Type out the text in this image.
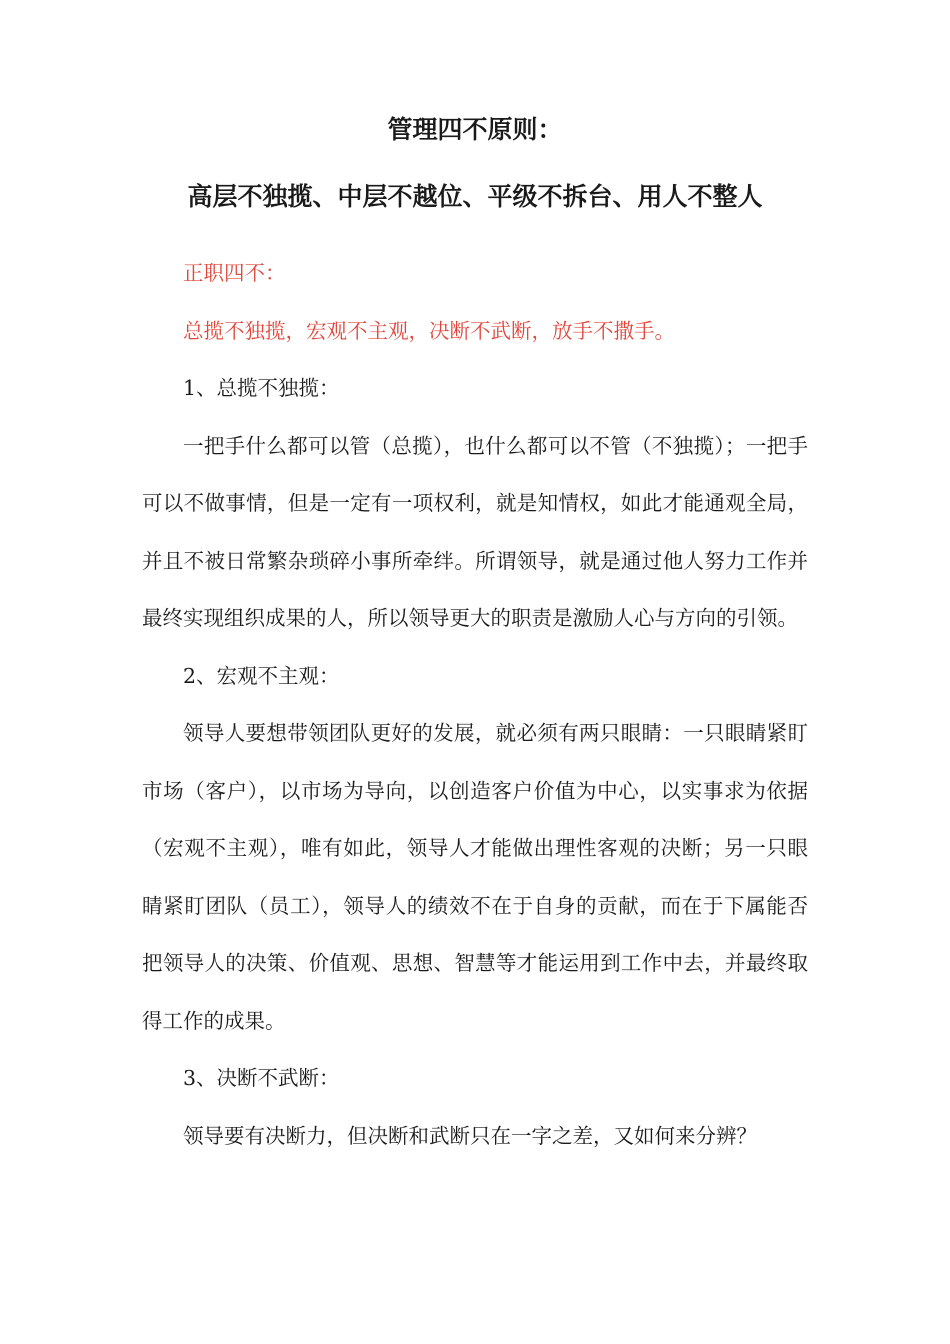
管理四不原则：
高层不独揽、中层不越位、平级不拆台、用人不整人

正职四不：

总揽不独揽，宏观不主观，决断不武断，放手不撒手。

1、总揽不独揽：

一把手什么都可以管（总揽），也什么都可以不管（不独揽）；一把手可以不做事情，但是一定有一项权利，就是知情权，如此才能通观全局，并且不被日常繁杂琐碎小事所牵绊。所谓领导，就是通过他人努力工作并最终实现组织成果的人，所以领导更大的职责是激励人心与方向的引领。

2、宏观不主观：

领导人要想带领团队更好的发展，就必须有两只眼睛：一只眼睛紧盯市场（客户），以市场为导向，以创造客户价值为中心，以实事求为依据（宏观不主观），唯有如此，领导人才能做出理性客观的决断；另一只眼睛紧盯团队（员工），领导人的绩效不在于自身的贡献，而在于下属能否把领导人的决策、价值观、思想、智慧等才能运用到工作中去，并最终取得工作的成果。

3、决断不武断：

领导要有决断力，但决断和武断只在一字之差，又如何来分辨？
